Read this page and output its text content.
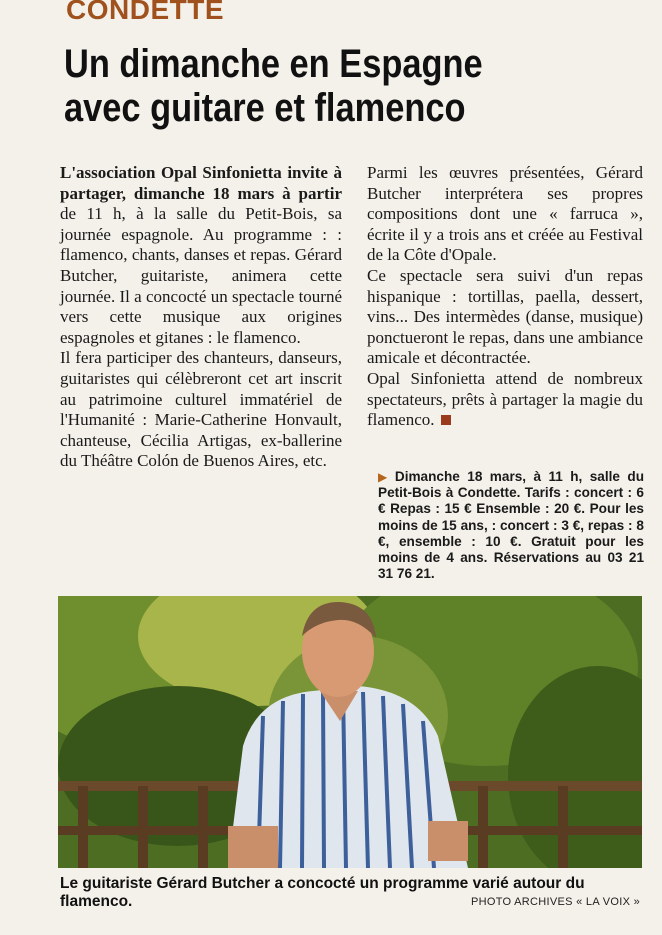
CONDETTE
Un dimanche en Espagne
avec guitare et flamenco

L'association Opal Sinfonietta invite à partager, dimanche 18 mars à partir de 11 h, à la salle du Petit-Bois, sa journée espagnole. Au programme : : flamenco, chants, danses et repas. Gérard Butcher, guitariste, animera cette journée. Il a concocté un spectacle tourné vers cette musique aux origines espagnoles et gitanes : le flamenco.

Il fera participer des chanteurs, danseurs, guitaristes qui célèbreront cet art inscrit au patrimoine culturel immatériel de l'Humanité : Marie-Catherine Honvault, chanteuse, Cécilia Artigas, ex-ballerine du Théâtre Colón de Buenos Aires, etc.

Parmi les œuvres présentées, Gérard Butcher interprétera ses propres compositions dont une « farruca », écrite il y a trois ans et créée au Festival de la Côte d'Opale.

Ce spectacle sera suivi d'un repas hispanique : tortillas, paella, dessert, vins... Des intermèdes (danse, musique) ponctueront le repas, dans une ambiance amicale et décontractée.

Opal Sinfonietta attend de nombreux spectateurs, prêts à partager la magie du flamenco.

▶ Dimanche 18 mars, à 11 h, salle du Petit-Bois à Condette. Tarifs : concert : 6 € Repas : 15 € Ensemble : 20 €. Pour les moins de 15 ans, : concert : 3 €, repas : 8 €, ensemble : 10 €. Gratuit pour les moins de 4 ans. Réservations au 03 21 31 76 21.
Le guitariste Gérard Butcher a concocté un programme varié autour du flamenco.	PHOTO ARCHIVES « LA VOIX »
